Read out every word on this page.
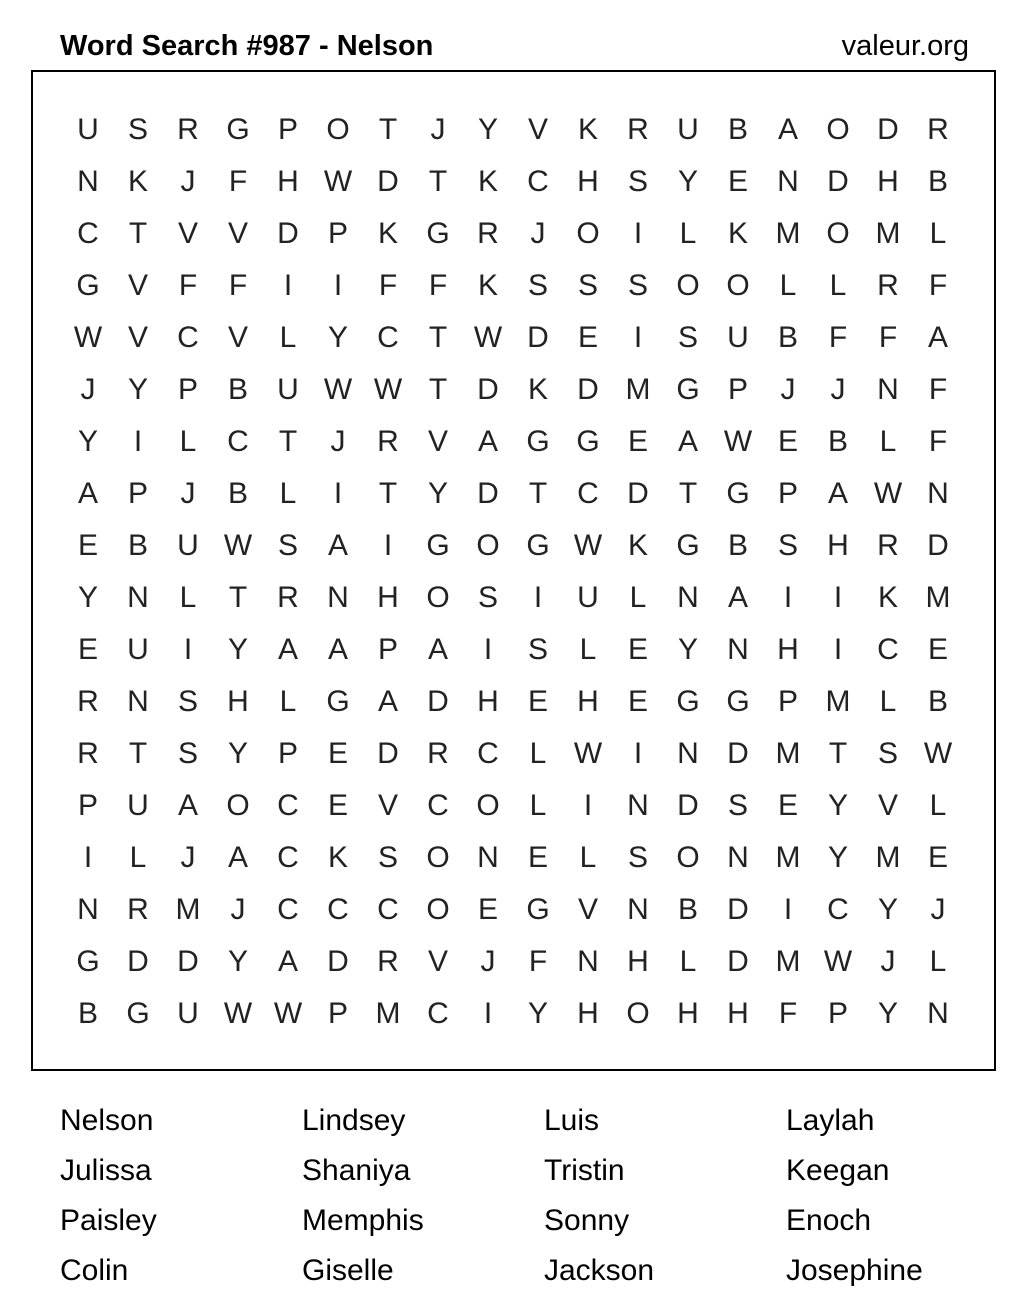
Word Search #987 - Nelson	valeur.org
U S R G P O T	J	Y V K R U B A O D R
N K	J	F	H W D	T	K C H S Y E N D H B
C	T	V V D P K G R	J	O	I	L	K M O M L
G V	F	F	I	I	F	F	K S S S O O L	L	R	F
W V C V	L	Y C	T W D E	I	S U B	F	F	A
J	Y P B U W W T	D K D M G P	J	J	N	F
Y	I	L	C	T	J	R V A G G E A W E B	L	F
A P	J	B	L	I	T	Y D	T	C D	T G P A W N
E B U W S A	I	G O G W K G B S H R D
Y N	L	T	R N H O S	I	U	L	N A	I	I	K M
E U	I	Y A A P A	I	S	L	E Y N H	I	C E
R N S H	L G A D H E H E G G P M L	B
R	T	S Y P E D R C	L W	I	N D M T	S W
P U A O C E V C O L	I	N D S E Y V	L
I	L	J	A C K S O N E	L	S O N M Y M E
N R M	J	C C C O E G V N B D	I	C Y	J
G D D Y A D R V	J	F	N H	L	D M W J	L
B G U W W P M C	I	Y H O H H	F	P Y N
Nelson	Lindsey	Luis	Laylah
Julissa	Shaniya	Tristin	Keegan
Paisley	Memphis	Sonny	Enoch
Colin	Giselle	Jackson	Josephine
